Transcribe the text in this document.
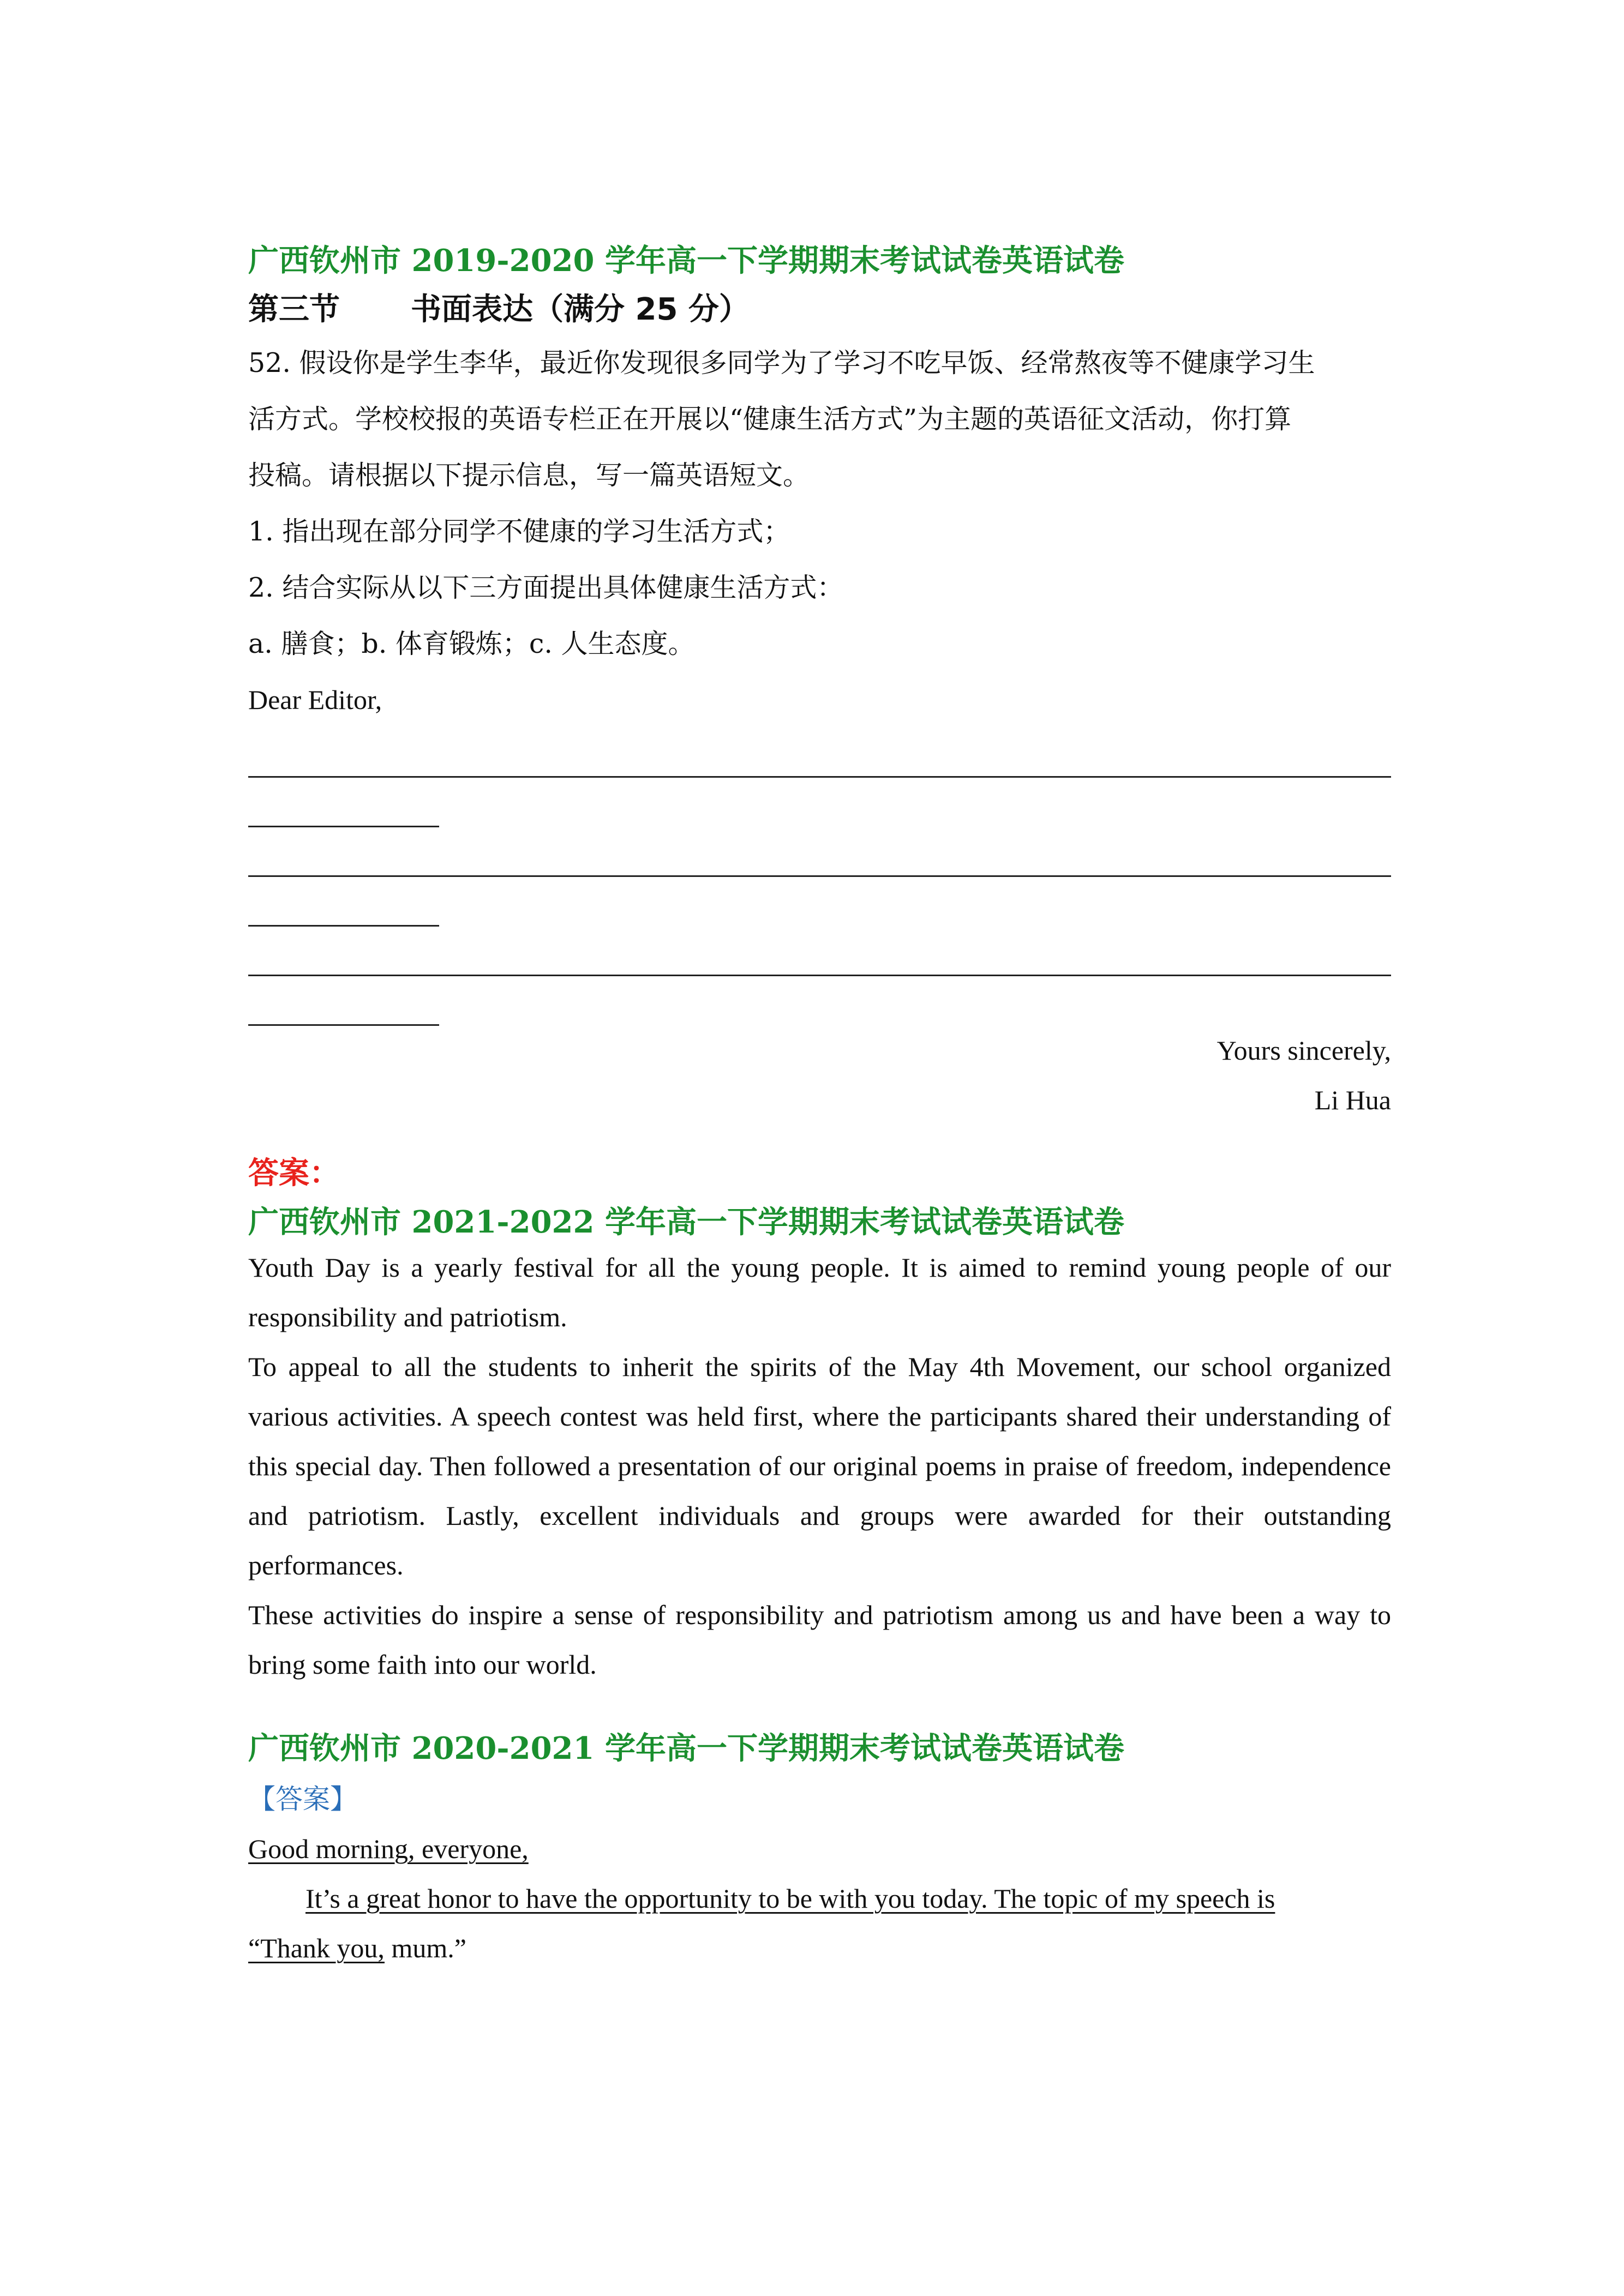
广西钦州市 2019-2020 学年高一下学期期末考试试卷英语试卷

第三节 书面表达（满分 25 分）

52. 假设你是学生李华，最近你发现很多同学为了学习不吃早饭、经常熬夜等不健康学习生

活方式。学校校报的英语专栏正在开展以“健康生活方式”为主题的英语征文活动，你打算

投稿。请根据以下提示信息，写一篇英语短文。

1. 指出现在部分同学不健康的学习生活方式；

2. 结合实际从以下三方面提出具体健康生活方式：

a. 膳食；b. 体育锻炼；c. 人生态度。

Dear Editor,

Yours sincerely,

Li Hua

答案：

广西钦州市 2021-2022 学年高一下学期期末考试试卷英语试卷

Youth Day is a yearly festival for all the young people. It is aimed to remind young people of our responsibility and patriotism.

To appeal to all the students to inherit the spirits of the May 4th Movement, our school organized various activities. A speech contest was held first, where the participants shared their understanding of this special day. Then followed a presentation of our original poems in praise of freedom, independence and patriotism. Lastly, excellent individuals and groups were awarded for their outstanding performances.

These activities do inspire a sense of responsibility and patriotism among us and have been a way to bring some faith into our world.

广西钦州市 2020-2021 学年高一下学期期末考试试卷英语试卷

【答案】

Good morning, everyone,

It’s a great honor to have the opportunity to be with you today. The topic of my speech is

“Thank you, mum.”
